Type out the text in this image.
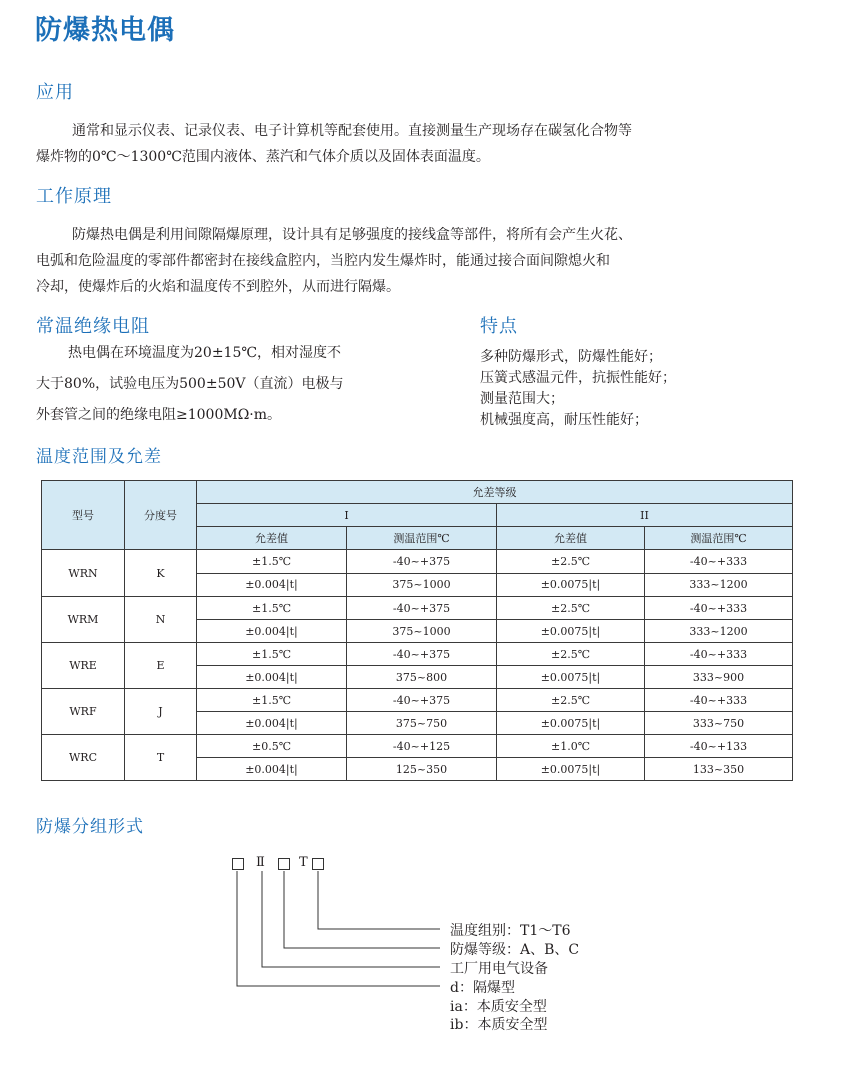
防爆热电偶
应用
通常和显示仪表、记录仪表、电子计算机等配套使用。直接测量生产现场存在碳氢化合物等
爆炸物的0℃～1300℃范围内液体、蒸汽和气体介质以及固体表面温度。
工作原理
防爆热电偶是利用间隙隔爆原理，设计具有足够强度的接线盒等部件，将所有会产生火花、
电弧和危险温度的零部件都密封在接线盒腔内，当腔内发生爆炸时，能通过接合面间隙熄火和
冷却，使爆炸后的火焰和温度传不到腔外，从而进行隔爆。
常温绝缘电阻
热电偶在环境温度为20±15℃，相对湿度不
大于80%，试验电压为500±50V（直流）电极与
外套管之间的绝缘电阻≥1000MΩ·m。
特点
多种防爆形式，防爆性能好；
压簧式感温元件，抗振性能好；
测量范围大；
机械强度高，耐压性能好；
温度范围及允差
型号	分度号	允差等级			
		I		II	
		允差值	测温范围℃	允差值	测温范围℃
WRN	K	±1.5℃	-40~+375	±2.5℃	-40~+333
		±0.004|t|	375~1000	±0.0075|t|	333~1200
WRM	N	±1.5℃	-40~+375	±2.5℃	-40~+333
		±0.004|t|	375~1000	±0.0075|t|	333~1200
WRE	E	±1.5℃	-40~+375	±2.5℃	-40~+333
		±0.004|t|	375~800	±0.0075|t|	333~900
WRF	J	±1.5℃	-40~+375	±2.5℃	-40~+333
		±0.004|t|	375~750	±0.0075|t|	333~750
WRC	T	±0.5℃	-40~+125	±1.0℃	-40~+133
		±0.004|t|	125~350	±0.0075|t|	133~350
防爆分组形式
Ⅱ	T
温度组别：T1～T6
防爆等级：A、B、C
工厂用电气设备
d：隔爆型
ia：本质安全型
ib：本质安全型
